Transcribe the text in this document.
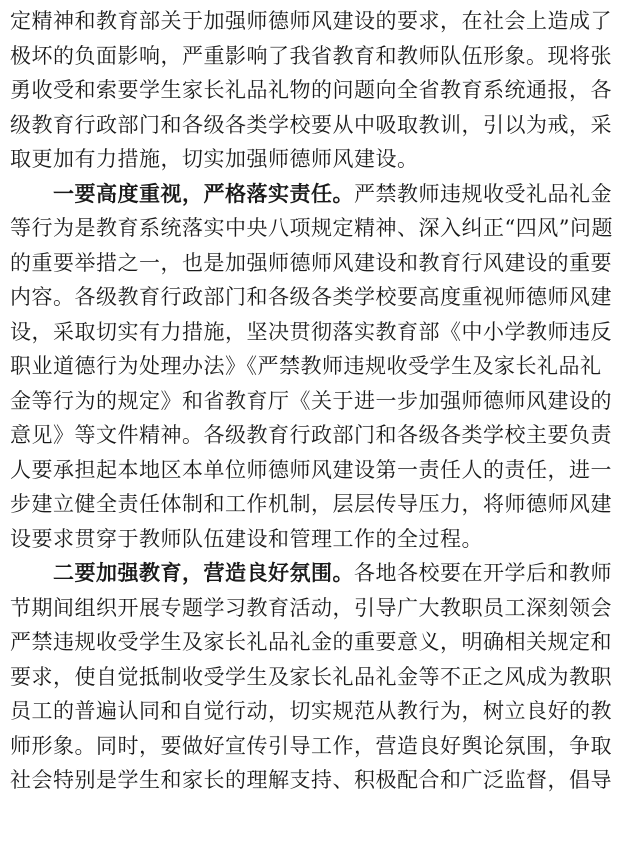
定精神和教育部关于加强师德师风建设的要求，在社会上造成了
极坏的负面影响，严重影响了我省教育和教师队伍形象。现将张
勇收受和索要学生家长礼品礼物的问题向全省教育系统通报，各
级教育行政部门和各级各类学校要从中吸取教训，引以为戒，采
取更加有力措施，切实加强师德师风建设。
　　一要高度重视，严格落实责任。严禁教师违规收受礼品礼金
等行为是教育系统落实中央八项规定精神、深入纠正“四风”问题
的重要举措之一，也是加强师德师风建设和教育行风建设的重要
内容。各级教育行政部门和各级各类学校要高度重视师德师风建
设，采取切实有力措施，坚决贯彻落实教育部《中小学教师违反
职业道德行为处理办法》《严禁教师违规收受学生及家长礼品礼
金等行为的规定》和省教育厅《关于进一步加强师德师风建设的
意见》等文件精神。各级教育行政部门和各级各类学校主要负责
人要承担起本地区本单位师德师风建设第一责任人的责任，进一
步建立健全责任体制和工作机制，层层传导压力，将师德师风建
设要求贯穿于教师队伍建设和管理工作的全过程。
　　二要加强教育，营造良好氛围。各地各校要在开学后和教师
节期间组织开展专题学习教育活动，引导广大教职员工深刻领会
严禁违规收受学生及家长礼品礼金的重要意义，明确相关规定和
要求，使自觉抵制收受学生及家长礼品礼金等不正之风成为教职
员工的普遍认同和自觉行动，切实规范从教行为，树立良好的教
师形象。同时，要做好宣传引导工作，营造良好舆论氛围，争取
社会特别是学生和家长的理解支持、积极配合和广泛监督，倡导
